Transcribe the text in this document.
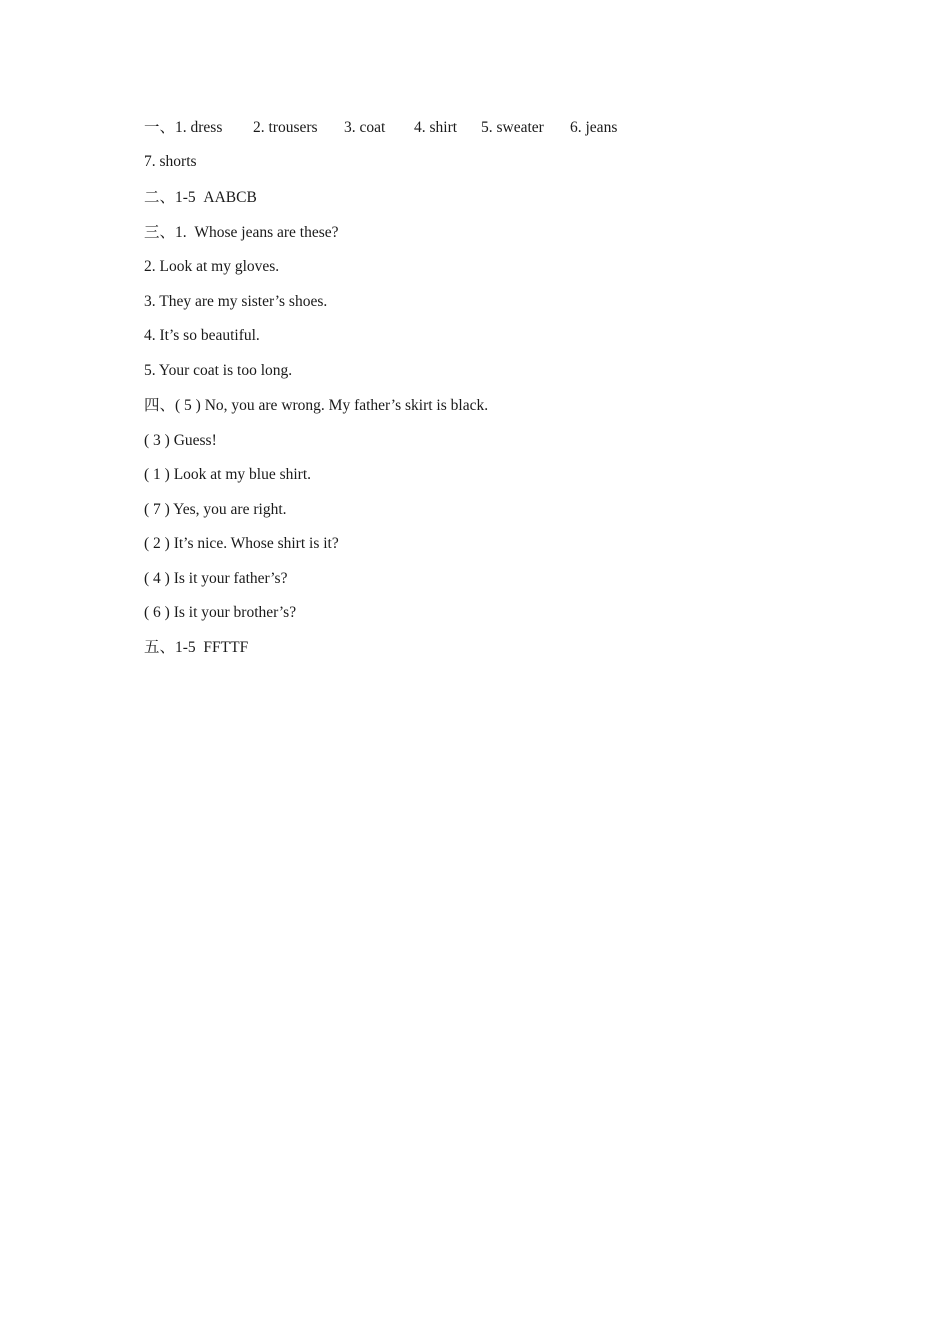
一、1. dress	2. trousers	3. coat	4. shirt	5. sweater	6. jeans
7. shorts
二、1-5  AABCB
三、1.  Whose jeans are these?
2. Look at my gloves.
3. They are my sister’s shoes.
4. It’s so beautiful.
5. Your coat is too long.
四、( 5 ) No, you are wrong. My father’s skirt is black.
( 3 ) Guess!
( 1 ) Look at my blue shirt.
( 7 ) Yes, you are right.
( 2 ) It’s nice. Whose shirt is it?
( 4 ) Is it your father’s?
( 6 ) Is it your brother’s?
五、1-5  FFTTF
